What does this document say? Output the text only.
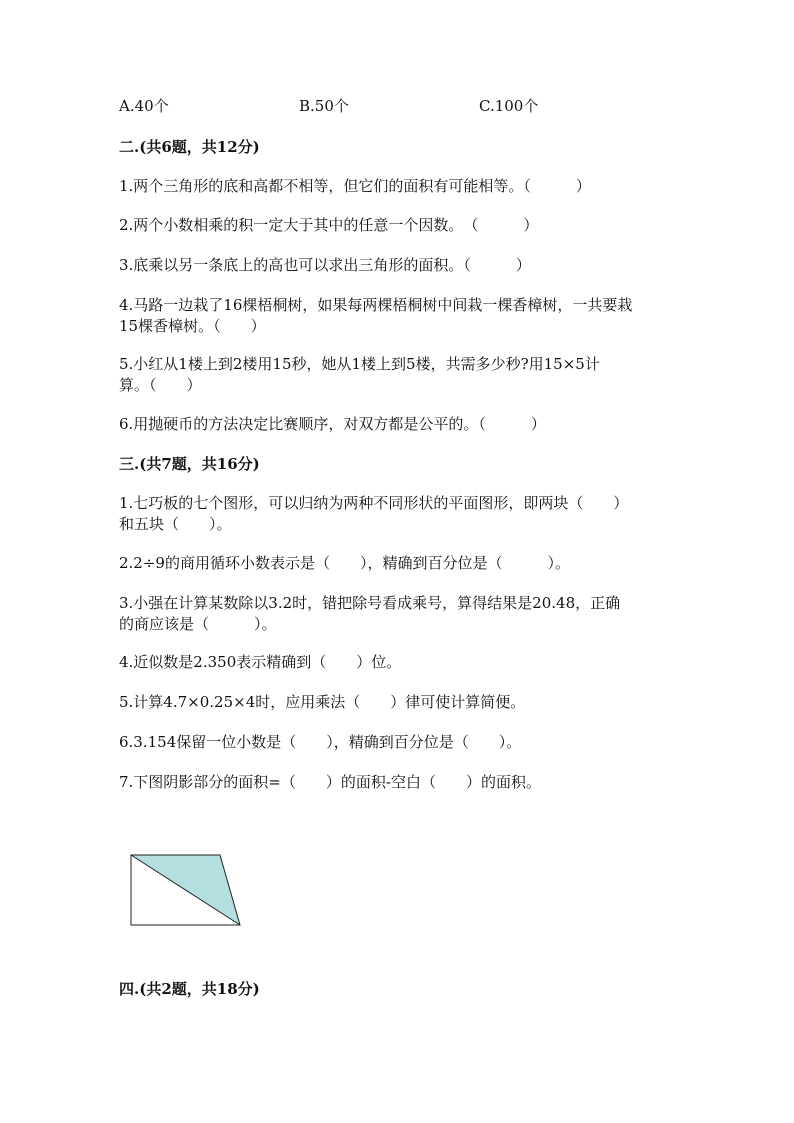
A.40个	B.50个	C.100个
二.(共6题，共12分)
1.两个三角形的底和高都不相等，但它们的面积有可能相等。（　　　）
2.两个小数相乘的积一定大于其中的任意一个因数。　（　　　）
3.底乘以另一条底上的高也可以求出三角形的面积。（　　　）
4.马路一边栽了16棵梧桐树，如果每两棵梧桐树中间栽一棵香樟树，一共要栽
15棵香樟树。（　　）
5.小红从1楼上到2楼用15秒，她从1楼上到5楼，共需多少秒?用15×5计
算。（　　）
6.用抛硬币的方法决定比赛顺序，对双方都是公平的。（　　　）
三.(共7题，共16分)
1.七巧板的七个图形，可以归纳为两种不同形状的平面图形，即两块（　　）
和五块（　　）。
2.2÷9的商用循环小数表示是（　　），精确到百分位是（　　　）。
3.小强在计算某数除以3.2时，错把除号看成乘号，算得结果是20.48，正确
的商应该是（　　　）。
4.近似数是2.350表示精确到（　　）位。
5.计算4.7×0.25×4时，应用乘法（　　）律可使计算简便。
6.3.154保留一位小数是（　　），精确到百分位是（　　）。
7.下图阴影部分的面积=（　　）的面积-空白（　　）的面积。
四.(共2题，共18分)
